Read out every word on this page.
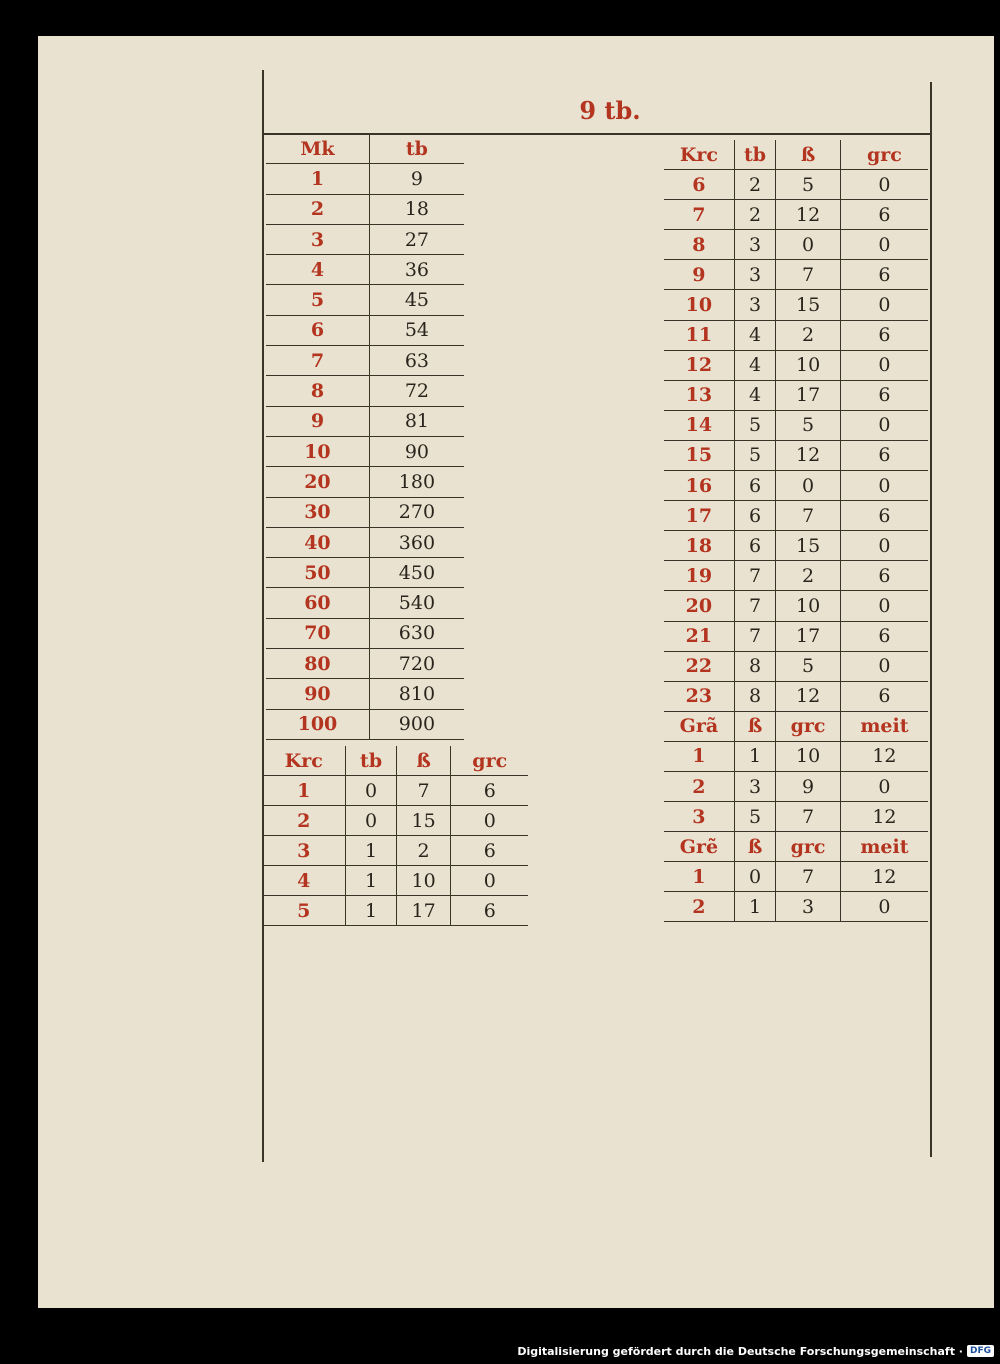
9 tb.
Mk	tb
1	9
2	18
3	27
4	36
5	45
6	54
7	63
8	72
9	81
10	90
20	180
30	270
40	360
50	450
60	540
70	630
80	720
90	810
100	900
Krc	tb	ß	grc
1	0	7	6
2	0	15	0
3	1	2	6
4	1	10	0
5	1	17	6
Krc	tb	ß	grc
6	2	5	0
7	2	12	6
8	3	0	0
9	3	7	6
10	3	15	0
11	4	2	6
12	4	10	0
13	4	17	6
14	5	5	0
15	5	12	6
16	6	0	0
17	6	7	6
18	6	15	0
19	7	2	6
20	7	10	0
21	7	17	6
22	8	5	0
23	8	12	6
Grã	ß	grc	meit
1	1	10	12
2	3	9	0
3	5	7	12
Grẽ	ß	grc	meit
1	0	7	12
2	1	3	0
Digitalisierung gefördert durch die Deutsche Forschungsgemeinschaft · DFG
